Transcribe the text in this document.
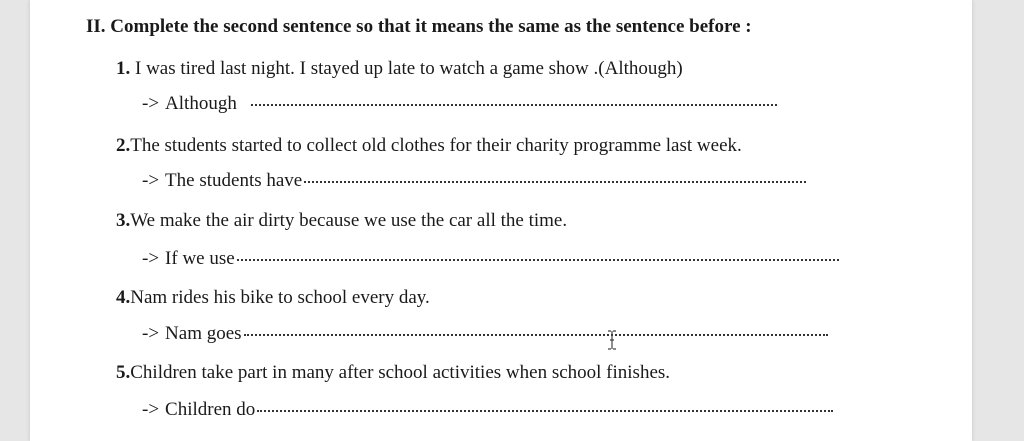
II. Complete the second sentence so that it means the same as the sentence before :
1. I was tired last night. I stayed up late to watch a game show .(Although)
-> Although
2.The students started to collect old clothes for their charity programme last week.
-> The students have
3.We make the air dirty because we use the car all the time.
-> If we use
4.Nam rides his bike to school every day.
-> Nam goes
5.Children take part in many after school activities when school finishes.
-> Children do
